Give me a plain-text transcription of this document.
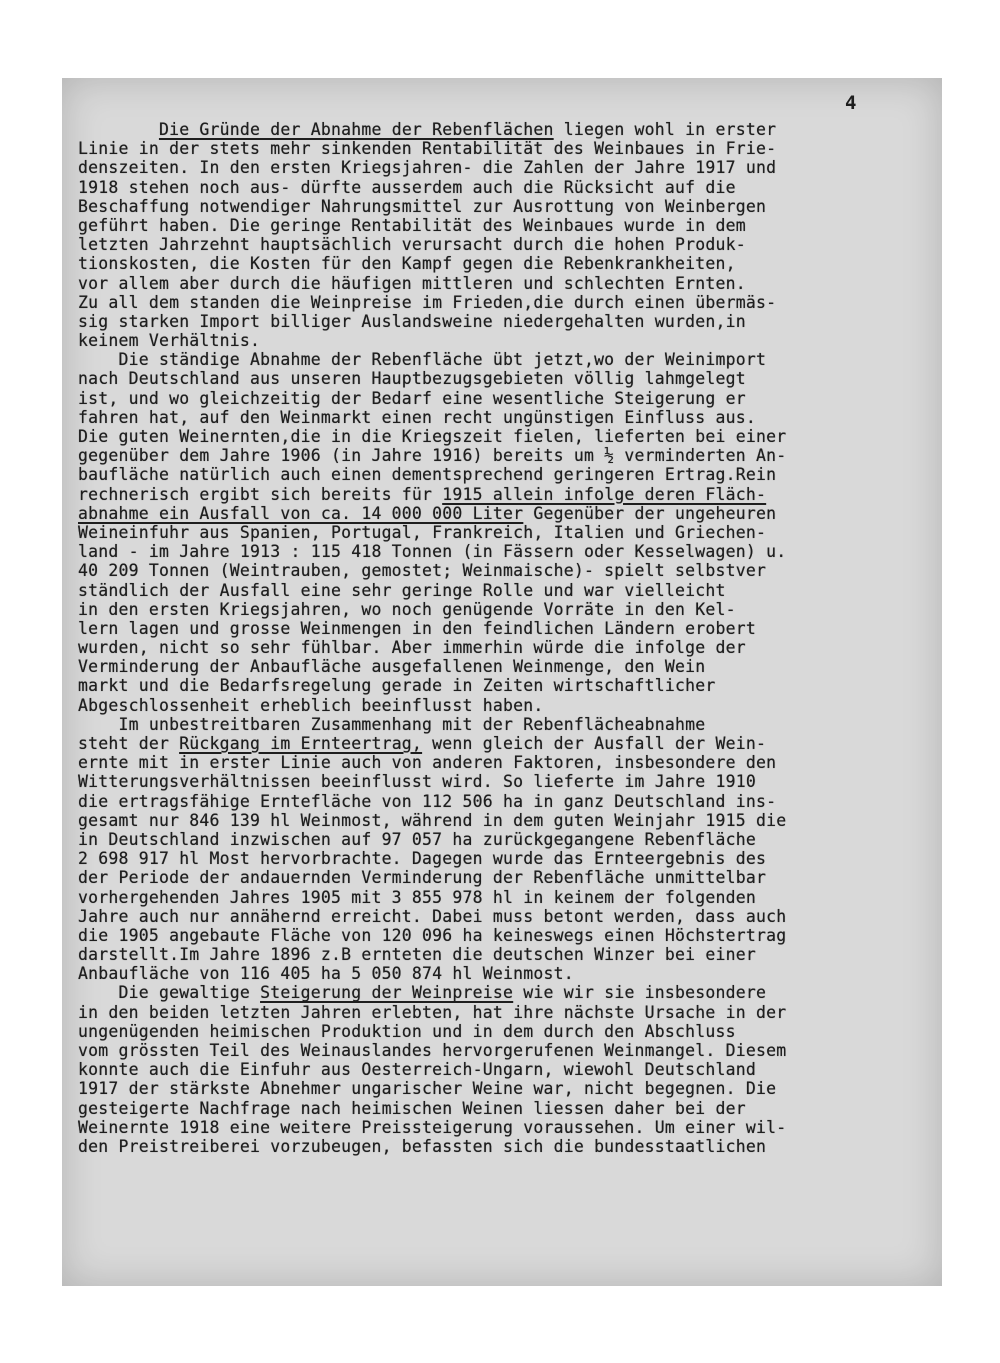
4
Die Gründe der Abnahme der Rebenflächen liegen wohl in erster
Linie in der stets mehr sinkenden Rentabilität des Weinbaues in Frie-
denszeiten. In den ersten Kriegsjahren- die Zahlen der Jahre 1917 und
1918 stehen noch aus- dürfte ausserdem auch die Rücksicht auf die
Beschaffung notwendiger Nahrungsmittel zur Ausrottung von Weinbergen
geführt haben. Die geringe Rentabilität des Weinbaues wurde in dem
letzten Jahrzehnt hauptsächlich verursacht durch die hohen Produk-
tionskosten, die Kosten für den Kampf gegen die Rebenkrankheiten,
vor allem aber durch die häufigen mittleren und schlechten Ernten.
Zu all dem standen die Weinpreise im Frieden,die durch einen übermäs-
sig starken Import billiger Auslandsweine niedergehalten wurden,in
keinem Verhältnis.
Die ständige Abnahme der Rebenfläche übt jetzt,wo der Weinimport
nach Deutschland aus unseren Hauptbezugsgebieten völlig lahmgelegt
ist, und wo gleichzeitig der Bedarf eine wesentliche Steigerung er
fahren hat, auf den Weinmarkt einen recht ungünstigen Einfluss aus.
Die guten Weinernten,die in die Kriegszeit fielen, lieferten bei einer
gegenüber dem Jahre 1906 (in Jahre 1916) bereits um ½ verminderten An-
baufläche natürlich auch einen dementsprechend geringeren Ertrag.Rein
rechnerisch ergibt sich bereits für 1915 allein infolge deren Fläch-
abnahme ein Ausfall von ca. 14 000 000 Liter Gegenüber der ungeheuren
Weineinfuhr aus Spanien, Portugal, Frankreich, Italien und Griechen-
land - im Jahre 1913 : 115 418 Tonnen (in Fässern oder Kesselwagen) u.
40 209 Tonnen (Weintrauben, gemostet; Weinmaische)- spielt selbstver
ständlich der Ausfall eine sehr geringe Rolle und war vielleicht
in den ersten Kriegsjahren, wo noch genügende Vorräte in den Kel-
lern lagen und grosse Weinmengen in den feindlichen Ländern erobert
wurden, nicht so sehr fühlbar. Aber immerhin würde die infolge der
Verminderung der Anbaufläche ausgefallenen Weinmenge, den Wein
markt und die Bedarfsregelung gerade in Zeiten wirtschaftlicher
Abgeschlossenheit erheblich beeinflusst haben.
Im unbestreitbaren Zusammenhang mit der Rebenflächeabnahme
steht der Rückgang im Ernteertrag, wenn gleich der Ausfall der Wein-
ernte mit in erster Linie auch von anderen Faktoren, insbesondere den
Witterungsverhältnissen beeinflusst wird. So lieferte im Jahre 1910
die ertragsfähige Erntefläche von 112 506 ha in ganz Deutschland ins-
gesamt nur 846 139 hl Weinmost, während in dem guten Weinjahr 1915 die
in Deutschland inzwischen auf 97 057 ha zurückgegangene Rebenfläche
2 698 917 hl Most hervorbrachte. Dagegen wurde das Ernteergebnis des
der Periode der andauernden Verminderung der Rebenfläche unmittelbar
vorhergehenden Jahres 1905 mit 3 855 978 hl in keinem der folgenden
Jahre auch nur annähernd erreicht. Dabei muss betont werden, dass auch
die 1905 angebaute Fläche von 120 096 ha keineswegs einen Höchstertrag
darstellt.Im Jahre 1896 z.B ernteten die deutschen Winzer bei einer
Anbaufläche von 116 405 ha 5 050 874 hl Weinmost.
Die gewaltige Steigerung der Weinpreise wie wir sie insbesondere
in den beiden letzten Jahren erlebten, hat ihre nächste Ursache in der
ungenügenden heimischen Produktion und in dem durch den Abschluss
vom grössten Teil des Weinauslandes hervorgerufenen Weinmangel. Diesem
konnte auch die Einfuhr aus Oesterreich-Ungarn, wiewohl Deutschland
1917 der stärkste Abnehmer ungarischer Weine war, nicht begegnen. Die
gesteigerte Nachfrage nach heimischen Weinen liessen daher bei der
Weinernte 1918 eine weitere Preissteigerung voraussehen. Um einer wil-
den Preistreiberei vorzubeugen, befassten sich die bundesstaatlichen
